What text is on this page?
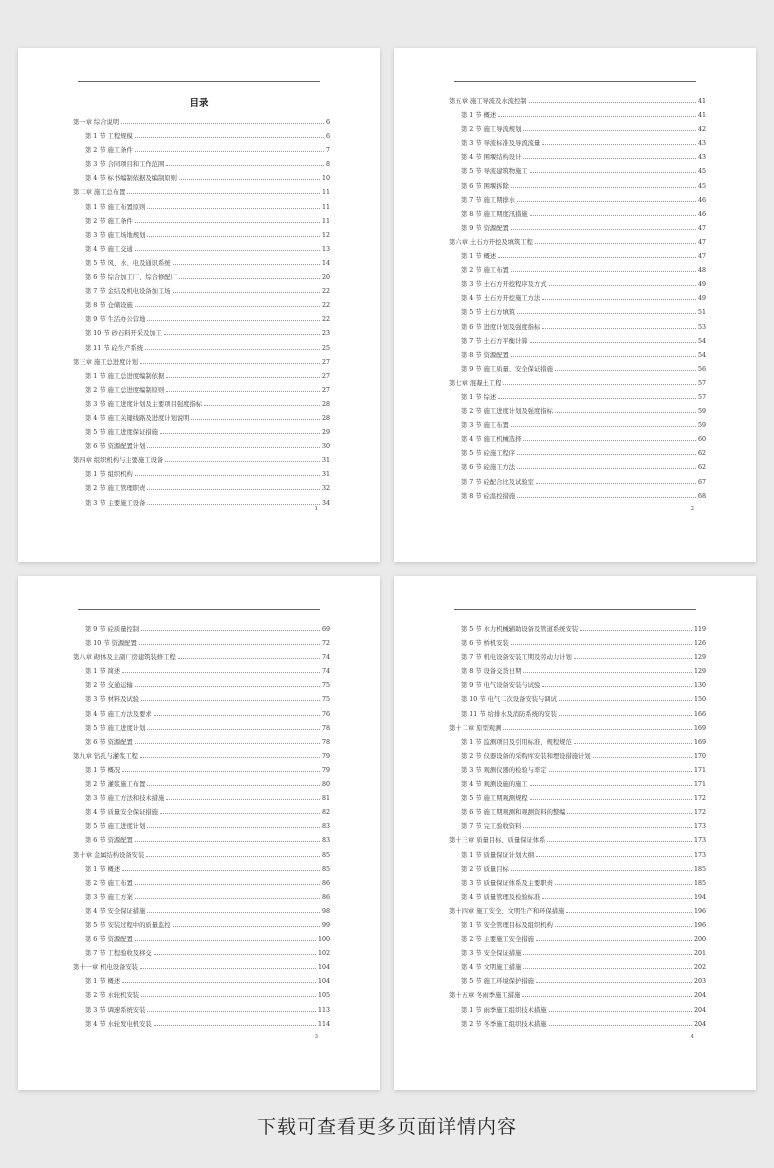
目录
第一章 综合说明	6
第 1 节 工程规模	6
第 2 节 施工条件	7
第 3 节 合同项目和工作范围	8
第 4 节 标书编制依据及编制原则	10
第二章 施工总布置	11
第 1 节 施工布置原则	11
第 2 节 施工条件	11
第 3 节 施工场地规划	12
第 4 节 施工交通	13
第 5 节 风、水、电及通讯系统	14
第 6 节 综合加工厂、综合修配厂	20
第 7 节 金结及机电设备加工场	22
第 8 节 仓储设施	22
第 9 节 生活办公营地	22
第 10 节 砂石料开采及加工	23
第 11 节 砼生产系统	25
第三章 施工总进度计划	27
第 1 节 施工总进度编制依据	27
第 2 节 施工总进度编制原则	27
第 3 节 施工进度计划及主要项目强度指标	28
第 4 节 施工关键线路及进度计划说明	28
第 5 节 施工进度保证措施	29
第 6 节 资源配置计划	30
第四章 组织机构与主要施工设备	31
第 1 节 组织机构	31
第 2 节 施工管理职责	32
第 3 节 主要施工设备	34
1
第五章 施工导流及水流控制	41
第 1 节 概述	41
第 2 节 施工导流规划	42
第 3 节 导流标准及导流流量	43
第 4 节 围堰结构设计	43
第 5 节 导流建筑物施工	45
第 6 节 围堰拆除	45
第 7 节 施工期排水	46
第 8 节 施工期度汛措施	46
第 9 节 资源配置	47
第六章 土石方开挖及填筑工程	47
第 1 节 概述	47
第 2 节 施工布置	48
第 3 节 土石方开挖程序及方式	49
第 4 节 土石方开挖施工方法	49
第 5 节 土石方填筑	51
第 6 节 进度计划及强度指标	53
第 7 节 土石方平衡计算	54
第 8 节 资源配置	54
第 9 节 施工质量、安全保证措施	56
第七章 混凝土工程	57
第 1 节 综述	57
第 2 节 施工进度计划及强度指标	59
第 3 节 施工布置	59
第 4 节 施工机械选择	60
第 5 节 砼施工程序	62
第 6 节 砼施工方法	62
第 7 节 砼配合比及试验室	67
第 8 节 砼温控措施	68
2
第 9 节 砼质量控制	69
第 10 节 资源配置	72
第八章 砌体及主副厂房建筑装修工程	74
第 1 节 简述	74
第 2 节 交通运输	75
第 3 节 材料及试验	75
第 4 节 施工方法及要求	76
第 5 节 施工进度计划	78
第 6 节 资源配置	78
第九章 钻孔与灌浆工程	79
第 1 节 概况	79
第 2 节 灌浆施工布置	80
第 3 节 施工方法和技术措施	81
第 4 节 质量安全保证措施	82
第 5 节 施工进度计划	83
第 6 节 资源配置	83
第十章 金属结构设备安装	85
第 1 节 概述	85
第 2 节 施工布置	86
第 3 节 施工方案	86
第 4 节 安全保证措施	98
第 5 节 安装过程中的质量监控	99
第 6 节 资源配置	100
第 7 节 工程验收及移交	102
第十一章 机电设备安装	104
第 1 节 概述	104
第 2 节 水轮机安装	105
第 3 节 调速系统安装	113
第 4 节 水轮发电机安装	114
3
第 5 节 水力机械辅助设备及管道系统安装	119
第 6 节 桥机安装	126
第 7 节 机电设备安装工期及劳动力计划	129
第 8 节 设备交货日期	129
第 9 节 电气设备安装与试验	130
第 10 节 电气二次设备安装与调试	150
第 11 节 给排水及消防系统的安装	166
第十二章 原型观测	169
第 1 节 监测项目及引用标准、规程规范	169
第 2 节 仪器设备的采购库安装和埋设措施计划	170
第 3 节 观测仪器的检验与率定	171
第 4 节 观测设施的施工	171
第 5 节 施工期观测规程	172
第 6 节 施工期观测和观测资料的整编	172
第 7 节 完工验收资料	173
第十三章 质量目标、质量保证体系	173
第 1 节 质量保证计划大纲	173
第 2 节 质量目标	185
第 3 节 质量保证体系及主要职责	185
第 4 节 质量管理及检验标准	194
第十四章 施工安全、文明生产和环保措施	196
第 1 节 安全管理目标及组织机构	196
第 2 节 主要施工安全措施	200
第 3 节 安全保证措施	201
第 4 节 文明施工措施	202
第 5 节 施工环境保护措施	203
第十五章 冬雨季施工措施	204
第 1 节 雨季施工组织技术措施	204
第 2 节 冬季施工组织技术措施	204
4
下载可查看更多页面详情内容
